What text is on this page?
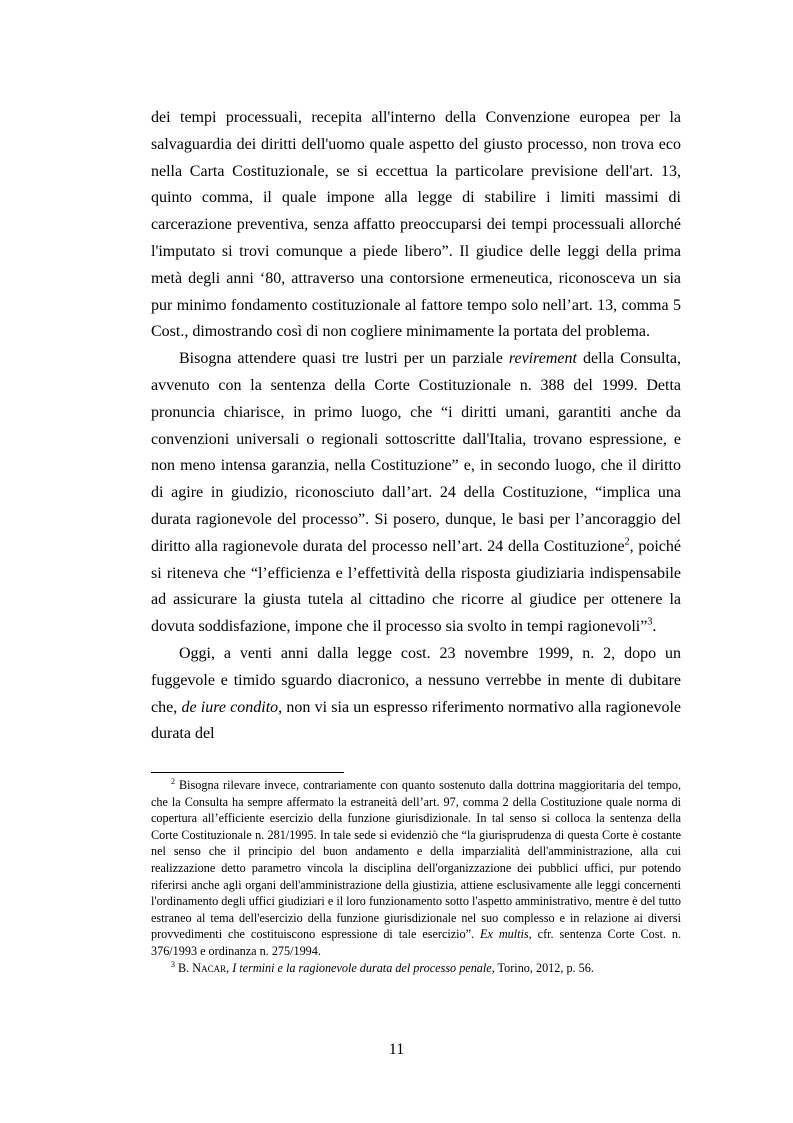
dei tempi processuali, recepita all'interno della Convenzione europea per la salvaguardia dei diritti dell'uomo quale aspetto del giusto processo, non trova eco nella Carta Costituzionale, se si eccettua la particolare previsione dell'art. 13, quinto comma, il quale impone alla legge di stabilire i limiti massimi di carcerazione preventiva, senza affatto preoccuparsi dei tempi processuali allorché l'imputato si trovi comunque a piede libero”. Il giudice delle leggi della prima metà degli anni ‘80, attraverso una contorsione ermeneutica, riconosceva un sia pur minimo fondamento costituzionale al fattore tempo solo nell’art. 13, comma 5 Cost., dimostrando così di non cogliere minimamente la portata del problema.

Bisogna attendere quasi tre lustri per un parziale revirement della Consulta, avvenuto con la sentenza della Corte Costituzionale n. 388 del 1999. Detta pronuncia chiarisce, in primo luogo, che “i diritti umani, garantiti anche da convenzioni universali o regionali sottoscritte dall'Italia, trovano espressione, e non meno intensa garanzia, nella Costituzione” e, in secondo luogo, che il diritto di agire in giudizio, riconosciuto dall’art. 24 della Costituzione, “implica una durata ragionevole del processo”. Si posero, dunque, le basi per l’ancoraggio del diritto alla ragionevole durata del processo nell’art. 24 della Costituzione$^2$, poiché si riteneva che “l’efficienza e l’effettività della risposta giudiziaria indispensabile ad assicurare la giusta tutela al cittadino che ricorre al giudice per ottenere la dovuta soddisfazione, impone che il processo sia svolto in tempi ragionevoli”$^3$.

Oggi, a venti anni dalla legge cost. 23 novembre 1999, n. 2, dopo un fuggevole e timido sguardo diacronico, a nessuno verrebbe in mente di dubitare che, de iure condito, non vi sia un espresso riferimento normativo alla ragionevole durata del

$^2$ Bisogna rilevare invece, contrariamente con quanto sostenuto dalla dottrina maggioritaria del tempo, che la Consulta ha sempre affermato la estraneità dell’art. 97, comma 2 della Costituzione quale norma di copertura all’efficiente esercizio della funzione giurisdizionale. In tal senso si colloca la sentenza della Corte Costituzionale n. 281/1995. In tale sede si evidenziò che “la giurisprudenza di questa Corte è costante nel senso che il principio del buon andamento e della imparzialità dell'amministrazione, alla cui realizzazione detto parametro vincola la disciplina dell'organizzazione dei pubblici uffici, pur potendo riferirsi anche agli organi dell'amministrazione della giustizia, attiene esclusivamente alle leggi concernenti l'ordinamento degli uffici giudiziari e il loro funzionamento sotto l'aspetto amministrativo, mentre è del tutto estraneo al tema dell'esercizio della funzione giurisdizionale nel suo complesso e in relazione ai diversi provvedimenti che costituiscono espressione di tale esercizio”. Ex multis, cfr. sentenza Corte Cost. n. 376/1993 e ordinanza n. 275/1994.

$^3$ B. Nacar, I termini e la ragionevole durata del processo penale, Torino, 2012, p. 56.

11
